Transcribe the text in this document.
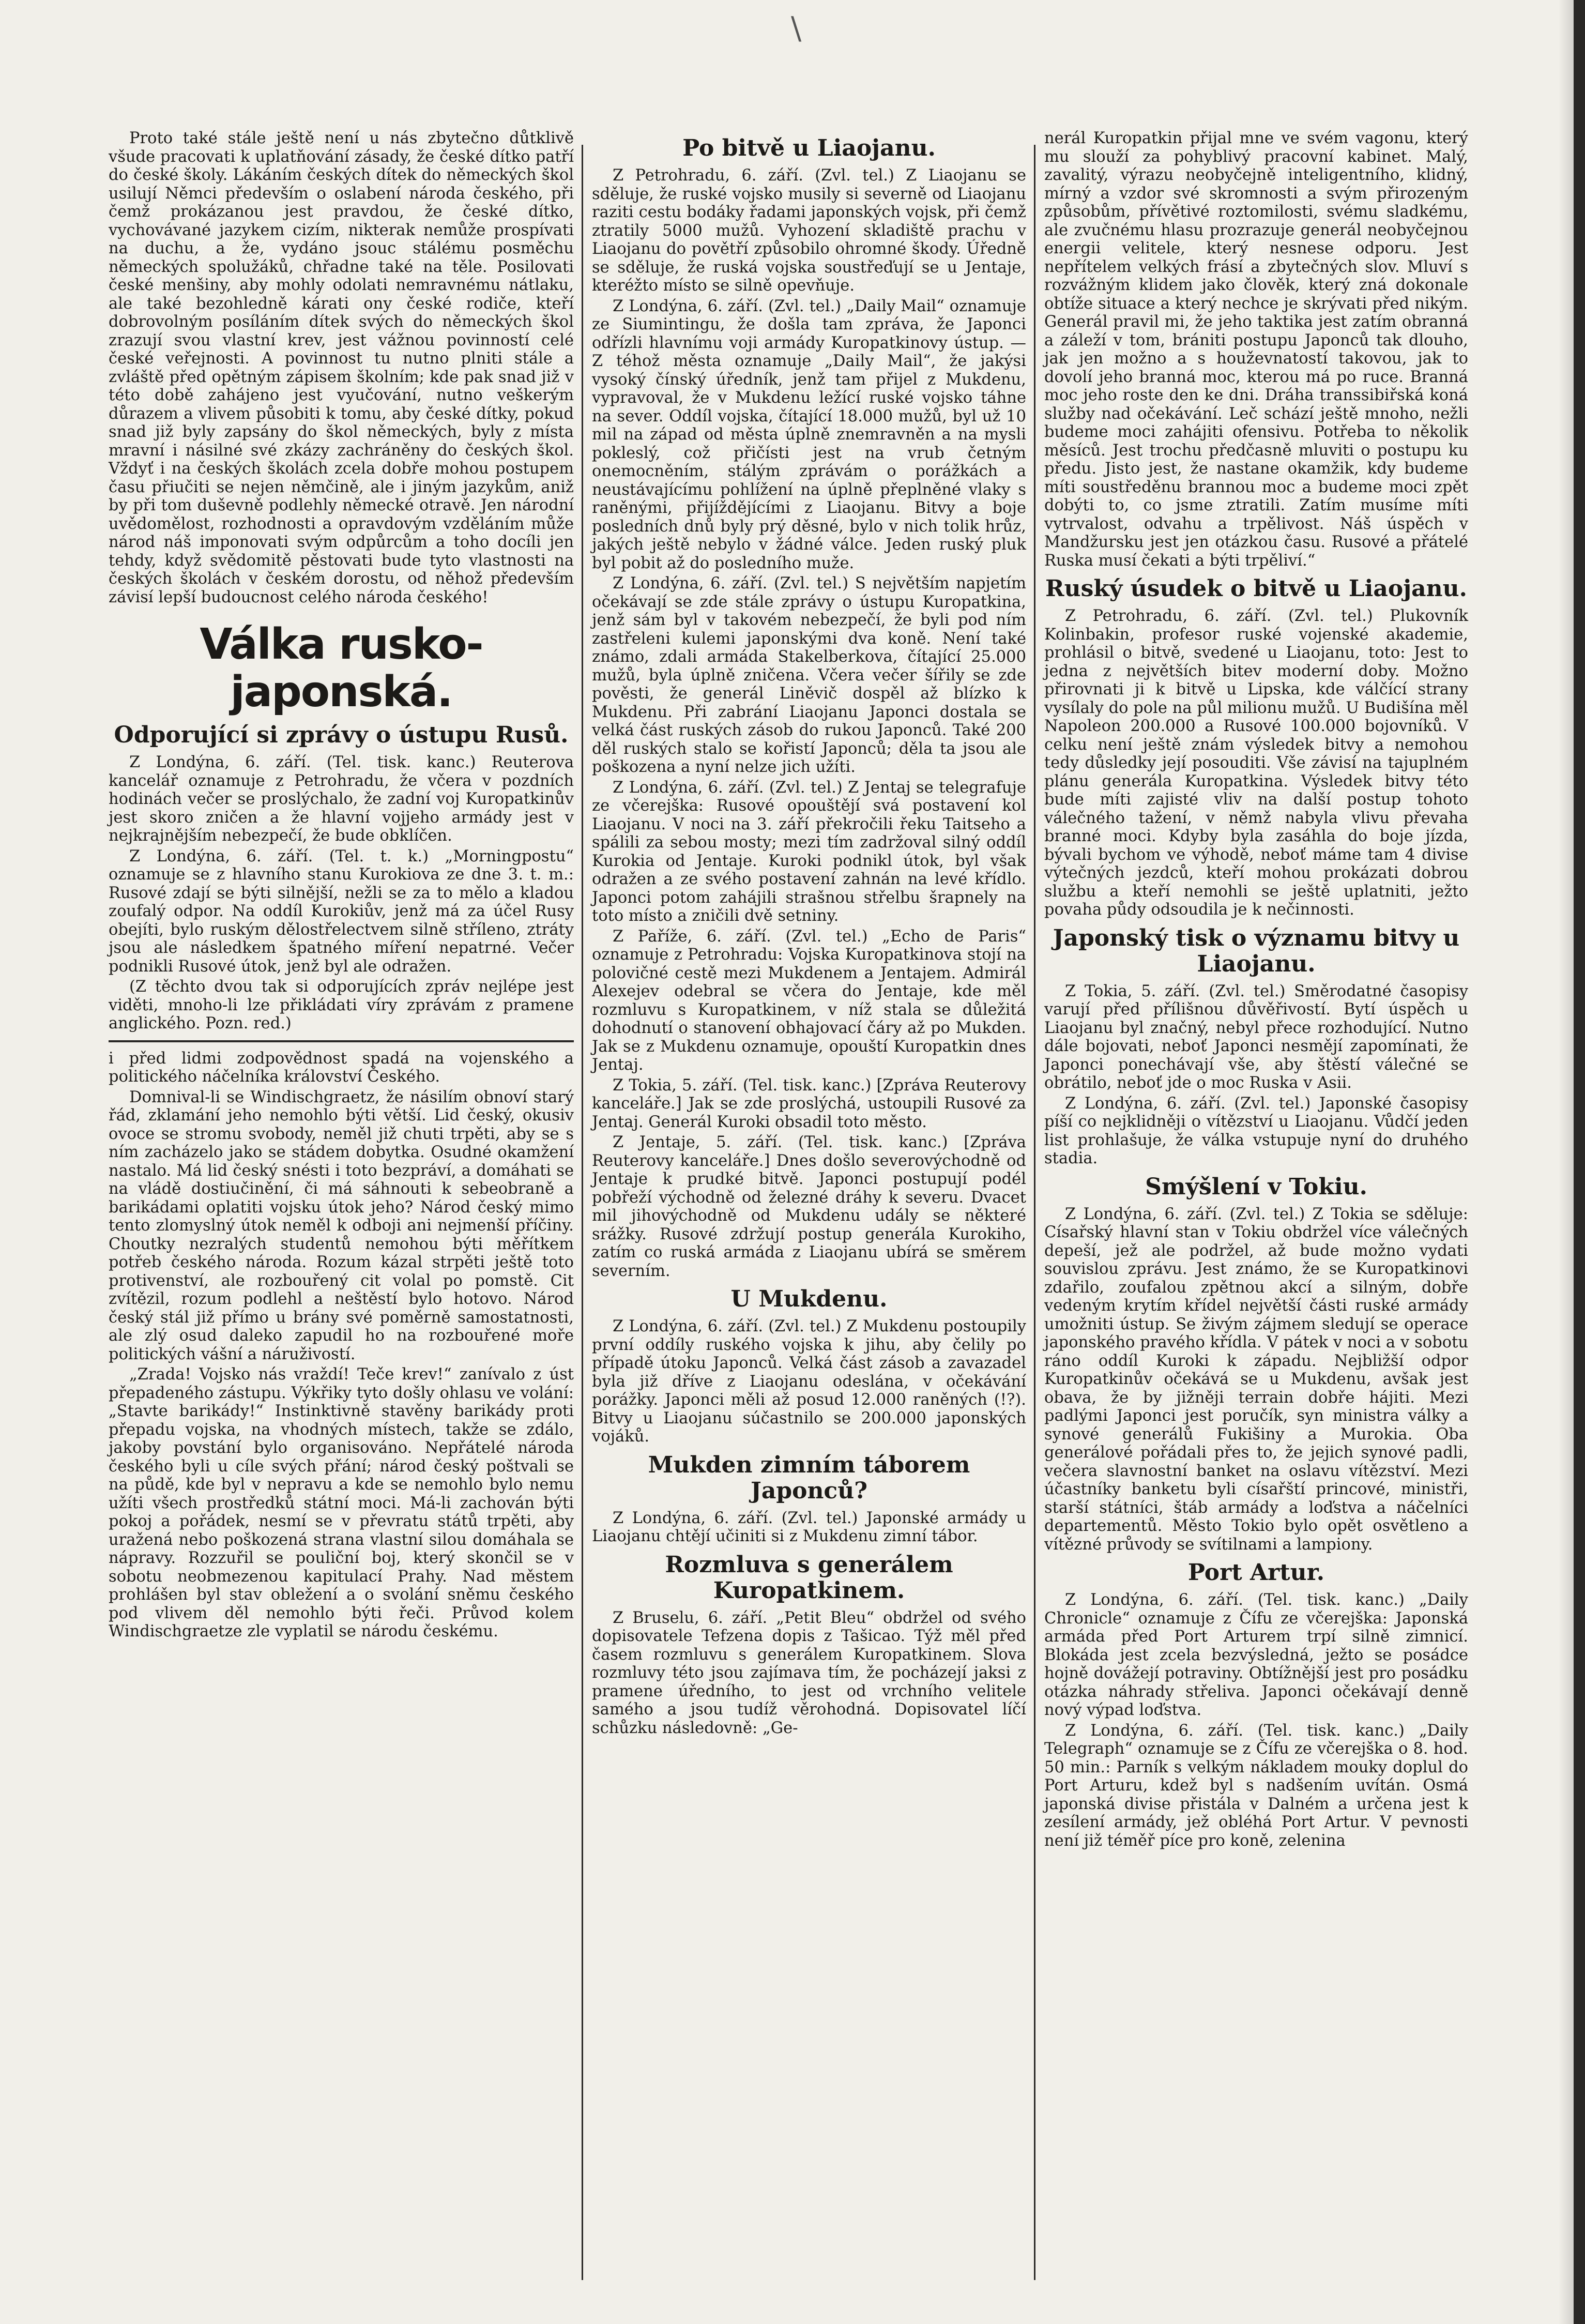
\

Proto také stále ještě není u nás zbytečno důtklivě všude pracovati k uplatňování zásady, že české dítko patří do české školy. Lákáním českých dítek do německých škol usilují Němci především o oslabení národa českého, při čemž prokázanou jest pravdou, že české dítko, vychovávané jazykem cizím, nikterak nemůže prospívati na duchu, a že, vydáno jsouc stálému posměchu německých spolužáků, chřadne také na těle. Posilovati české menšiny, aby mohly odolati nemravnému nátlaku, ale také bezohledně kárati ony české rodiče, kteří dobrovolným posíláním dítek svých do německých škol zrazují svou vlastní krev, jest vážnou povinností celé české veřejnosti. A povinnost tu nutno plniti stále a zvláště před opětným zápisem školním; kde pak snad již v této době zahájeno jest vyučování, nutno veškerým důrazem a vlivem působiti k tomu, aby české dítky, pokud snad již byly zapsány do škol německých, byly z místa mravní i násilné své zkázy zachráněny do českých škol. Vždyť i na českých školách zcela dobře mohou postupem času přiučiti se nejen němčině, ale i jiným jazykům, aniž by při tom duševně podlehly německé otravě. Jen národní uvědomělost, rozhodnosti a opravdovým vzděláním může národ náš imponovati svým odpůrcům a toho docíli jen tehdy, když svědomitě pěstovati bude tyto vlastnosti na českých školách v českém dorostu, od něhož především závisí lepší budoucnost celého národa českého!

Válka rusko-japonská.
Odporující si zprávy o ústupu Rusů.

Z Londýna, 6. září. (Tel. tisk. kanc.) Reuterova kancelář oznamuje z Petrohradu, že včera v pozdních hodinách večer se proslýchalo, že zadní voj Kuropatkinův jest skoro zničen a že hlavní vojjeho armády jest v nejkrajnějším nebezpečí, že bude obklíčen.

Z Londýna, 6. září. (Tel. t. k.) „Morningpostu“ oznamuje se z hlavního stanu Kurokiova ze dne 3. t. m.: Rusové zdají se býti silnější, nežli se za to mělo a kladou zoufalý odpor. Na oddíl Kurokiův, jenž má za účel Rusy obejíti, bylo ruským dělostřelectvem silně stříleno, ztráty jsou ale následkem špatného míření nepatrné. Večer podnikli Rusové útok, jenž byl ale odražen.

(Z těchto dvou tak si odporujících zpráv nejlépe jest viděti, mnoho-li lze přikládati víry zprávám z pramene anglického. Pozn. red.)

i před lidmi zodpovědnost spadá na vojenského a politického náčelníka království Českého.

Domnival-li se Windischgraetz, že násilím obnoví starý řád, zklamání jeho nemohlo býti větší. Lid český, okusiv ovoce se stromu svobody, neměl již chuti trpěti, aby se s ním zacházelo jako se stádem dobytka. Osudné okamžení nastalo. Má lid český snésti i toto bezpráví, a domáhati se na vládě dostiučinění, či má sáhnouti k sebeobraně a barikádami oplatiti vojsku útok jeho? Národ český mimo tento zlomyslný útok neměl k odboji ani nejmenší příčiny. Choutky nezralých studentů nemohou býti měřítkem potřeb českého národa. Rozum kázal strpěti ještě toto protivenství, ale rozbouřený cit volal po pomstě. Cit zvítězil, rozum podlehl a neštěstí bylo hotovo. Národ český stál již přímo u brány své poměrně samostatnosti, ale zlý osud daleko zapudil ho na rozbouřené moře politických vášní a náruživostí.

„Zrada! Vojsko nás vraždí! Teče krev!“ zanívalo z úst přepadeného zástupu. Výkřiky tyto došly ohlasu ve volání: „Stavte barikády!“ Instinktivně stavěny barikády proti přepadu vojska, na vhodných místech, takže se zdálo, jakoby povstání bylo organisováno. Nepřátelé národa českého byli u cíle svých přání; národ český poštvali se na půdě, kde byl v nepravu a kde se nemohlo bylo nemu užíti všech prostředků státní moci. Má-li zachován býti pokoj a pořádek, nesmí se v převratu států trpěti, aby uražená nebo poškozená strana vlastní silou domáhala se nápravy. Rozzuřil se pouliční boj, který skončil se v sobotu neobmezenou kapitulací Prahy. Nad městem prohlášen byl stav obležení a o svolání sněmu českého pod vlivem děl nemohlo býti řeči. Průvod kolem Windischgraetze zle vyplatil se národu českému.

Po bitvě u Liaojanu.

Z Petrohradu, 6. září. (Zvl. tel.) Z Liaojanu se sděluje, že ruské vojsko musily si severně od Liaojanu raziti cestu bodáky řadami japonských vojsk, při čemž ztratily 5000 mužů. Vyhození skladiště prachu v Liaojanu do povětří způsobilo ohromné škody. Úředně se sděluje, že ruská vojska soustřeďují se u Jentaje, kteréžto místo se silně opevňuje.

Z Londýna, 6. září. (Zvl. tel.) „Daily Mail“ oznamuje ze Siumintingu, že došla tam zpráva, že Japonci odřízli hlavnímu voji armády Kuropatkinovy ústup. — Z téhož města oznamuje „Daily Mail“, že jakýsi vysoký čínský úředník, jenž tam přijel z Mukdenu, vypravoval, že v Mukdenu ležící ruské vojsko táhne na sever. Oddíl vojska, čítající 18.000 mužů, byl už 10 mil na západ od města úplně znemravněn a na mysli pokleslý, což přičísti jest na vrub četným onemocněním, stálým zprávám o porážkách a neustávajícímu pohlížení na úplně přeplněné vlaky s raněnými, přijíždějícími z Liaojanu. Bitvy a boje posledních dnů byly prý děsné, bylo v nich tolik hrůz, jakých ještě nebylo v žádné válce. Jeden ruský pluk byl pobit až do posledního muže.

Z Londýna, 6. září. (Zvl. tel.) S největším napjetím očekávají se zde stále zprávy o ústupu Kuropatkina, jenž sám byl v takovém nebezpečí, že byli pod ním zastřeleni kulemi japonskými dva koně. Není také známo, zdali armáda Stakelberkova, čítající 25.000 mužů, byla úplně zničena. Včera večer šířily se zde pověsti, že generál Liněvič dospěl až blízko k Mukdenu. Při zabrání Liaojanu Japonci dostala se velká část ruských zásob do rukou Japonců. Také 200 děl ruských stalo se kořistí Japonců; děla ta jsou ale poškozena a nyní nelze jich užíti.

Z Londýna, 6. září. (Zvl. tel.) Z Jentaj se telegrafuje ze včerejška: Rusové opouštějí svá postavení kol Liaojanu. V noci na 3. září překročili řeku Taitseho a spálili za sebou mosty; mezi tím zadržoval silný oddíl Kurokia od Jentaje. Kuroki podnikl útok, byl však odražen a ze svého postavení zahnán na levé křídlo. Japonci potom zahájili strašnou střelbu šrapnely na toto místo a zničili dvě setniny.

Z Paříže, 6. září. (Zvl. tel.) „Echo de Paris“ oznamuje z Petrohradu: Vojska Kuropatkinova stojí na polovičné cestě mezi Mukdenem a Jentajem. Admirál Alexejev odebral se včera do Jentaje, kde měl rozmluvu s Kuropatkinem, v níž stala se důležitá dohodnutí o stanovení obhajovací čáry až po Mukden. Jak se z Mukdenu oznamuje, opouští Kuropatkin dnes Jentaj.

Z Tokia, 5. září. (Tel. tisk. kanc.) [Zpráva Reuterovy kanceláře.] Jak se zde proslýchá, ustoupili Rusové za Jentaj. Generál Kuroki obsadil toto město.

Z Jentaje, 5. září. (Tel. tisk. kanc.) [Zpráva Reuterovy kanceláře.] Dnes došlo severovýchodně od Jentaje k prudké bitvě. Japonci postupují podél pobřeží východně od železné dráhy k severu. Dvacet mil jihovýchodně od Mukdenu udály se některé srážky. Rusové zdržují postup generála Kurokiho, zatím co ruská armáda z Liaojanu ubírá se směrem severním.

U Mukdenu.

Z Londýna, 6. září. (Zvl. tel.) Z Mukdenu postoupily první oddíly ruského vojska k jihu, aby čelily po případě útoku Japonců. Velká část zásob a zavazadel byla již dříve z Liaojanu odeslána, v očekávání porážky. Japonci měli až posud 12.000 raněných (!?). Bitvy u Liaojanu súčastnilo se 200.000 japonských vojáků.

Mukden zimním táborem Japonců?

Z Londýna, 6. září. (Zvl. tel.) Japonské armády u Liaojanu chtějí učiniti si z Mukdenu zimní tábor.

Rozmluva s generálem Kuropatkinem.

Z Bruselu, 6. září. „Petit Bleu“ obdržel od svého dopisovatele Tefzena dopis z Tašicao. Týž měl před časem rozmluvu s generálem Kuropatkinem. Slova rozmluvy této jsou zajímava tím, že pocházejí jaksi z pramene úředního, to jest od vrchního velitele samého a jsou tudíž věrohodná. Dopisovatel líčí schůzku následovně: „Ge-

nerál Kuropatkin přijal mne ve svém vagonu, který mu slouží za pohyblivý pracovní kabinet. Malý, zavalitý, výrazu neobyčejně inteligentního, klidný, mírný a vzdor své skromnosti a svým přirozeným způsobům, přívětivé roztomilosti, svému sladkému, ale zvučnému hlasu prozrazuje generál neobyčejnou energii velitele, který nesnese odporu. Jest nepřítelem velkých frásí a zbytečných slov. Mluví s rozvážným klidem jako člověk, který zná dokonale obtíže situace a který nechce je skrývati před nikým. Generál pravil mi, že jeho taktika jest zatím obranná a záleží v tom, brániti postupu Japonců tak dlouho, jak jen možno a s houževnatostí takovou, jak to dovolí jeho branná moc, kterou má po ruce. Branná moc jeho roste den ke dni. Dráha transsibiřská koná služby nad očekávání. Leč schází ještě mnoho, nežli budeme moci zahájiti ofensivu. Potřeba to několik měsíců. Jest trochu předčasně mluviti o postupu ku předu. Jisto jest, že nastane okamžik, kdy budeme míti soustředěnu brannou moc a budeme moci zpět dobýti to, co jsme ztratili. Zatím musíme míti vytrvalost, odvahu a trpělivost. Náš úspěch v Mandžursku jest jen otázkou času. Rusové a přátelé Ruska musí čekati a býti trpěliví.“

Ruský úsudek o bitvě u Liaojanu.

Z Petrohradu, 6. září. (Zvl. tel.) Plukovník Kolinbakin, profesor ruské vojenské akademie, prohlásil o bitvě, svedené u Liaojanu, toto: Jest to jedna z největších bitev moderní doby. Možno přirovnati ji k bitvě u Lipska, kde válčící strany vysílaly do pole na půl milionu mužů. U Budišína měl Napoleon 200.000 a Rusové 100.000 bojovníků. V celku není ještě znám výsledek bitvy a nemohou tedy důsledky její posouditi. Vše závisí na tajuplném plánu generála Kuropatkina. Výsledek bitvy této bude míti zajisté vliv na další postup tohoto válečného tažení, v němž nabyla vlivu převaha branné moci. Kdyby byla zasáhla do boje jízda, bývali bychom ve výhodě, neboť máme tam 4 divise výtečných jezdců, kteří mohou prokázati dobrou službu a kteří nemohli se ještě uplatniti, ježto povaha půdy odsoudila je k nečinnosti.

Japonský tisk o významu bitvy u Liaojanu.

Z Tokia, 5. září. (Zvl. tel.) Směrodatné časopisy varují před přílišnou důvěřivostí. Bytí úspěch u Liaojanu byl značný, nebyl přece rozhodující. Nutno dále bojovati, neboť Japonci nesmějí zapomínati, že Japonci ponechávají vše, aby štěstí válečné se obrátilo, neboť jde o moc Ruska v Asii.

Z Londýna, 6. září. (Zvl. tel.) Japonské časopisy píší co nejklidněji o vítězství u Liaojanu. Vůdčí jeden list prohlašuje, že válka vstupuje nyní do druhého stadia.

Smýšlení v Tokiu.

Z Londýna, 6. září. (Zvl. tel.) Z Tokia se sděluje: Císařský hlavní stan v Tokiu obdržel více válečných depeší, jež ale podržel, až bude možno vydati souvislou zprávu. Jest známo, že se Kuropatkinovi zdařilo, zoufalou zpětnou akcí a silným, dobře vedeným krytím křídel největší části ruské armády umožniti ústup. Se živým zájmem sledují se operace japonského pravého křídla. V pátek v noci a v sobotu ráno oddíl Kuroki k západu. Nejbližší odpor Kuropatkinův očekává se u Mukdenu, avšak jest obava, že by jižněji terrain dobře hájiti. Mezi padlými Japonci jest poručík, syn ministra války a synové generálů Fukišiny a Murokia. Oba generálové pořádali přes to, že jejich synové padli, večera slavnostní banket na oslavu vítězství. Mezi účastníky banketu byli císařští princové, ministři, starší státníci, štáb armády a loďstva a náčelníci departementů. Město Tokio bylo opět osvětleno a vítězné průvody se svítilnami a lampiony.

Port Artur.

Z Londýna, 6. září. (Tel. tisk. kanc.) „Daily Chronicle“ oznamuje z Čífu ze včerejška: Japonská armáda před Port Arturem trpí silně zimnicí. Blokáda jest zcela bezvýsledná, ježto se posádce hojně dovážejí potraviny. Obtížnější jest pro posádku otázka náhrady střeliva. Japonci očekávají denně nový výpad loďstva.

Z Londýna, 6. září. (Tel. tisk. kanc.) „Daily Telegraph“ oznamuje se z Čífu ze včerejška o 8. hod. 50 min.: Parník s velkým nákladem mouky doplul do Port Arturu, kdež byl s nadšením uvítán. Osmá japonská divise přistála v Dalném a určena jest k zesílení armády, jež obléhá Port Artur. V pevnosti není již téměř píce pro koně, zelenina
